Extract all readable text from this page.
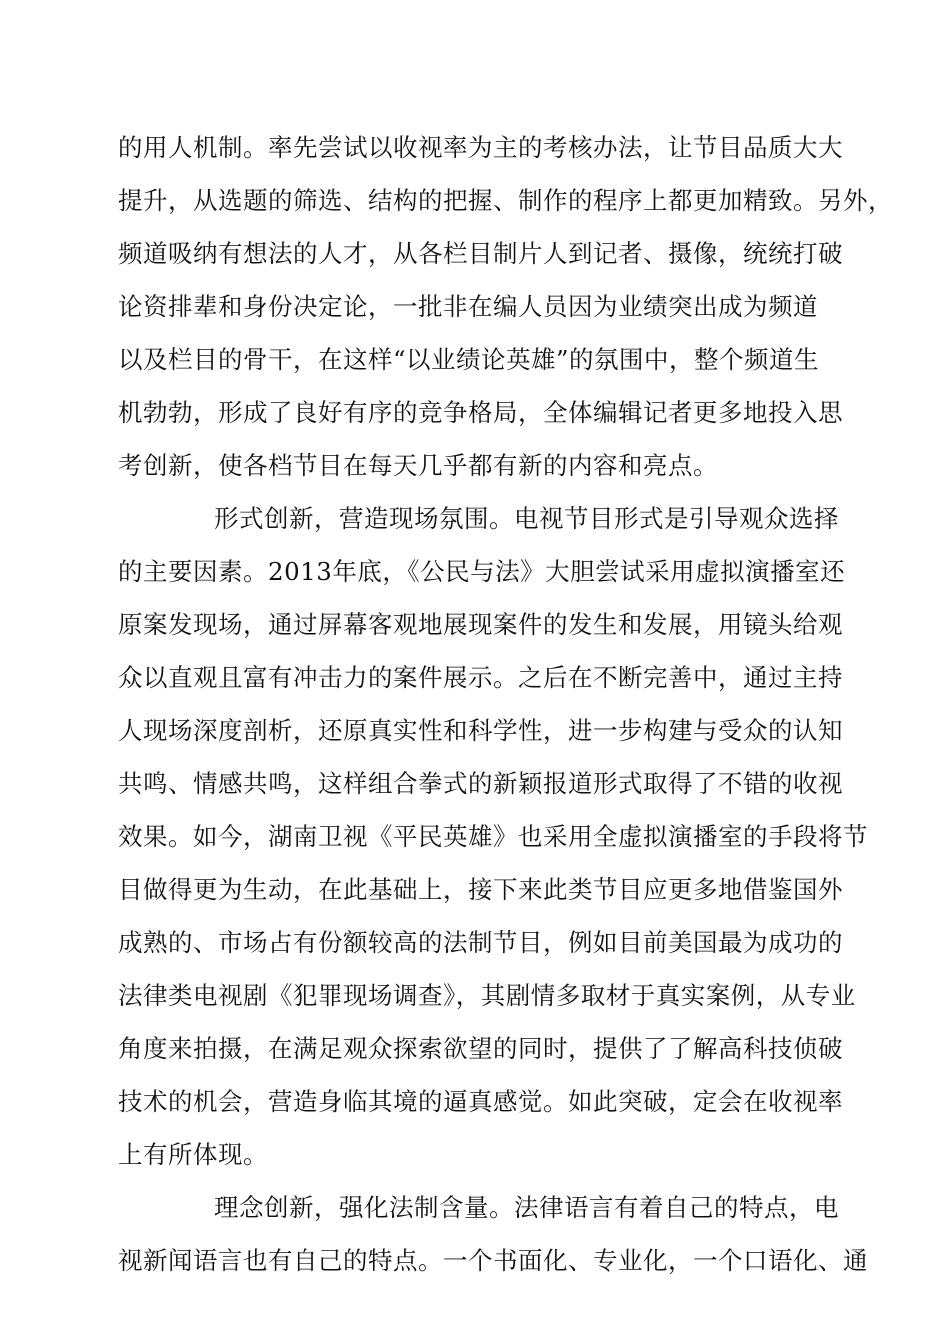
的用人机制。率先尝试以收视率为主的考核办法，让节目品质大大
提升，从选题的筛选、结构的把握、制作的程序上都更加精致。另外，
频道吸纳有想法的人才，从各栏目制片人到记者、摄像，统统打破
论资排辈和身份决定论，一批非在编人员因为业绩突出成为频道
以及栏目的骨干，在这样“以业绩论英雄”的氛围中，整个频道生
机勃勃，形成了良好有序的竞争格局，全体编辑记者更多地投入思
考创新，使各档节目在每天几乎都有新的内容和亮点。
形式创新，营造现场氛围。电视节目形式是引导观众选择
的主要因素。2013年底，《公民与法》大胆尝试采用虚拟演播室还
原案发现场，通过屏幕客观地展现案件的发生和发展，用镜头给观
众以直观且富有冲击力的案件展示。之后在不断完善中，通过主持
人现场深度剖析，还原真实性和科学性，进一步构建与受众的认知
共鸣、情感共鸣，这样组合拳式的新颖报道形式取得了不错的收视
效果。如今，湖南卫视《平民英雄》也采用全虚拟演播室的手段将节
目做得更为生动，在此基础上，接下来此类节目应更多地借鉴国外
成熟的、市场占有份额较高的法制节目，例如目前美国最为成功的
法律类电视剧《犯罪现场调查》，其剧情多取材于真实案例，从专业
角度来拍摄，在满足观众探索欲望的同时，提供了了解高科技侦破
技术的机会，营造身临其境的逼真感觉。如此突破，定会在收视率
上有所体现。
理念创新，强化法制含量。法律语言有着自己的特点，电
视新闻语言也有自己的特点。一个书面化、专业化，一个口语化、通
